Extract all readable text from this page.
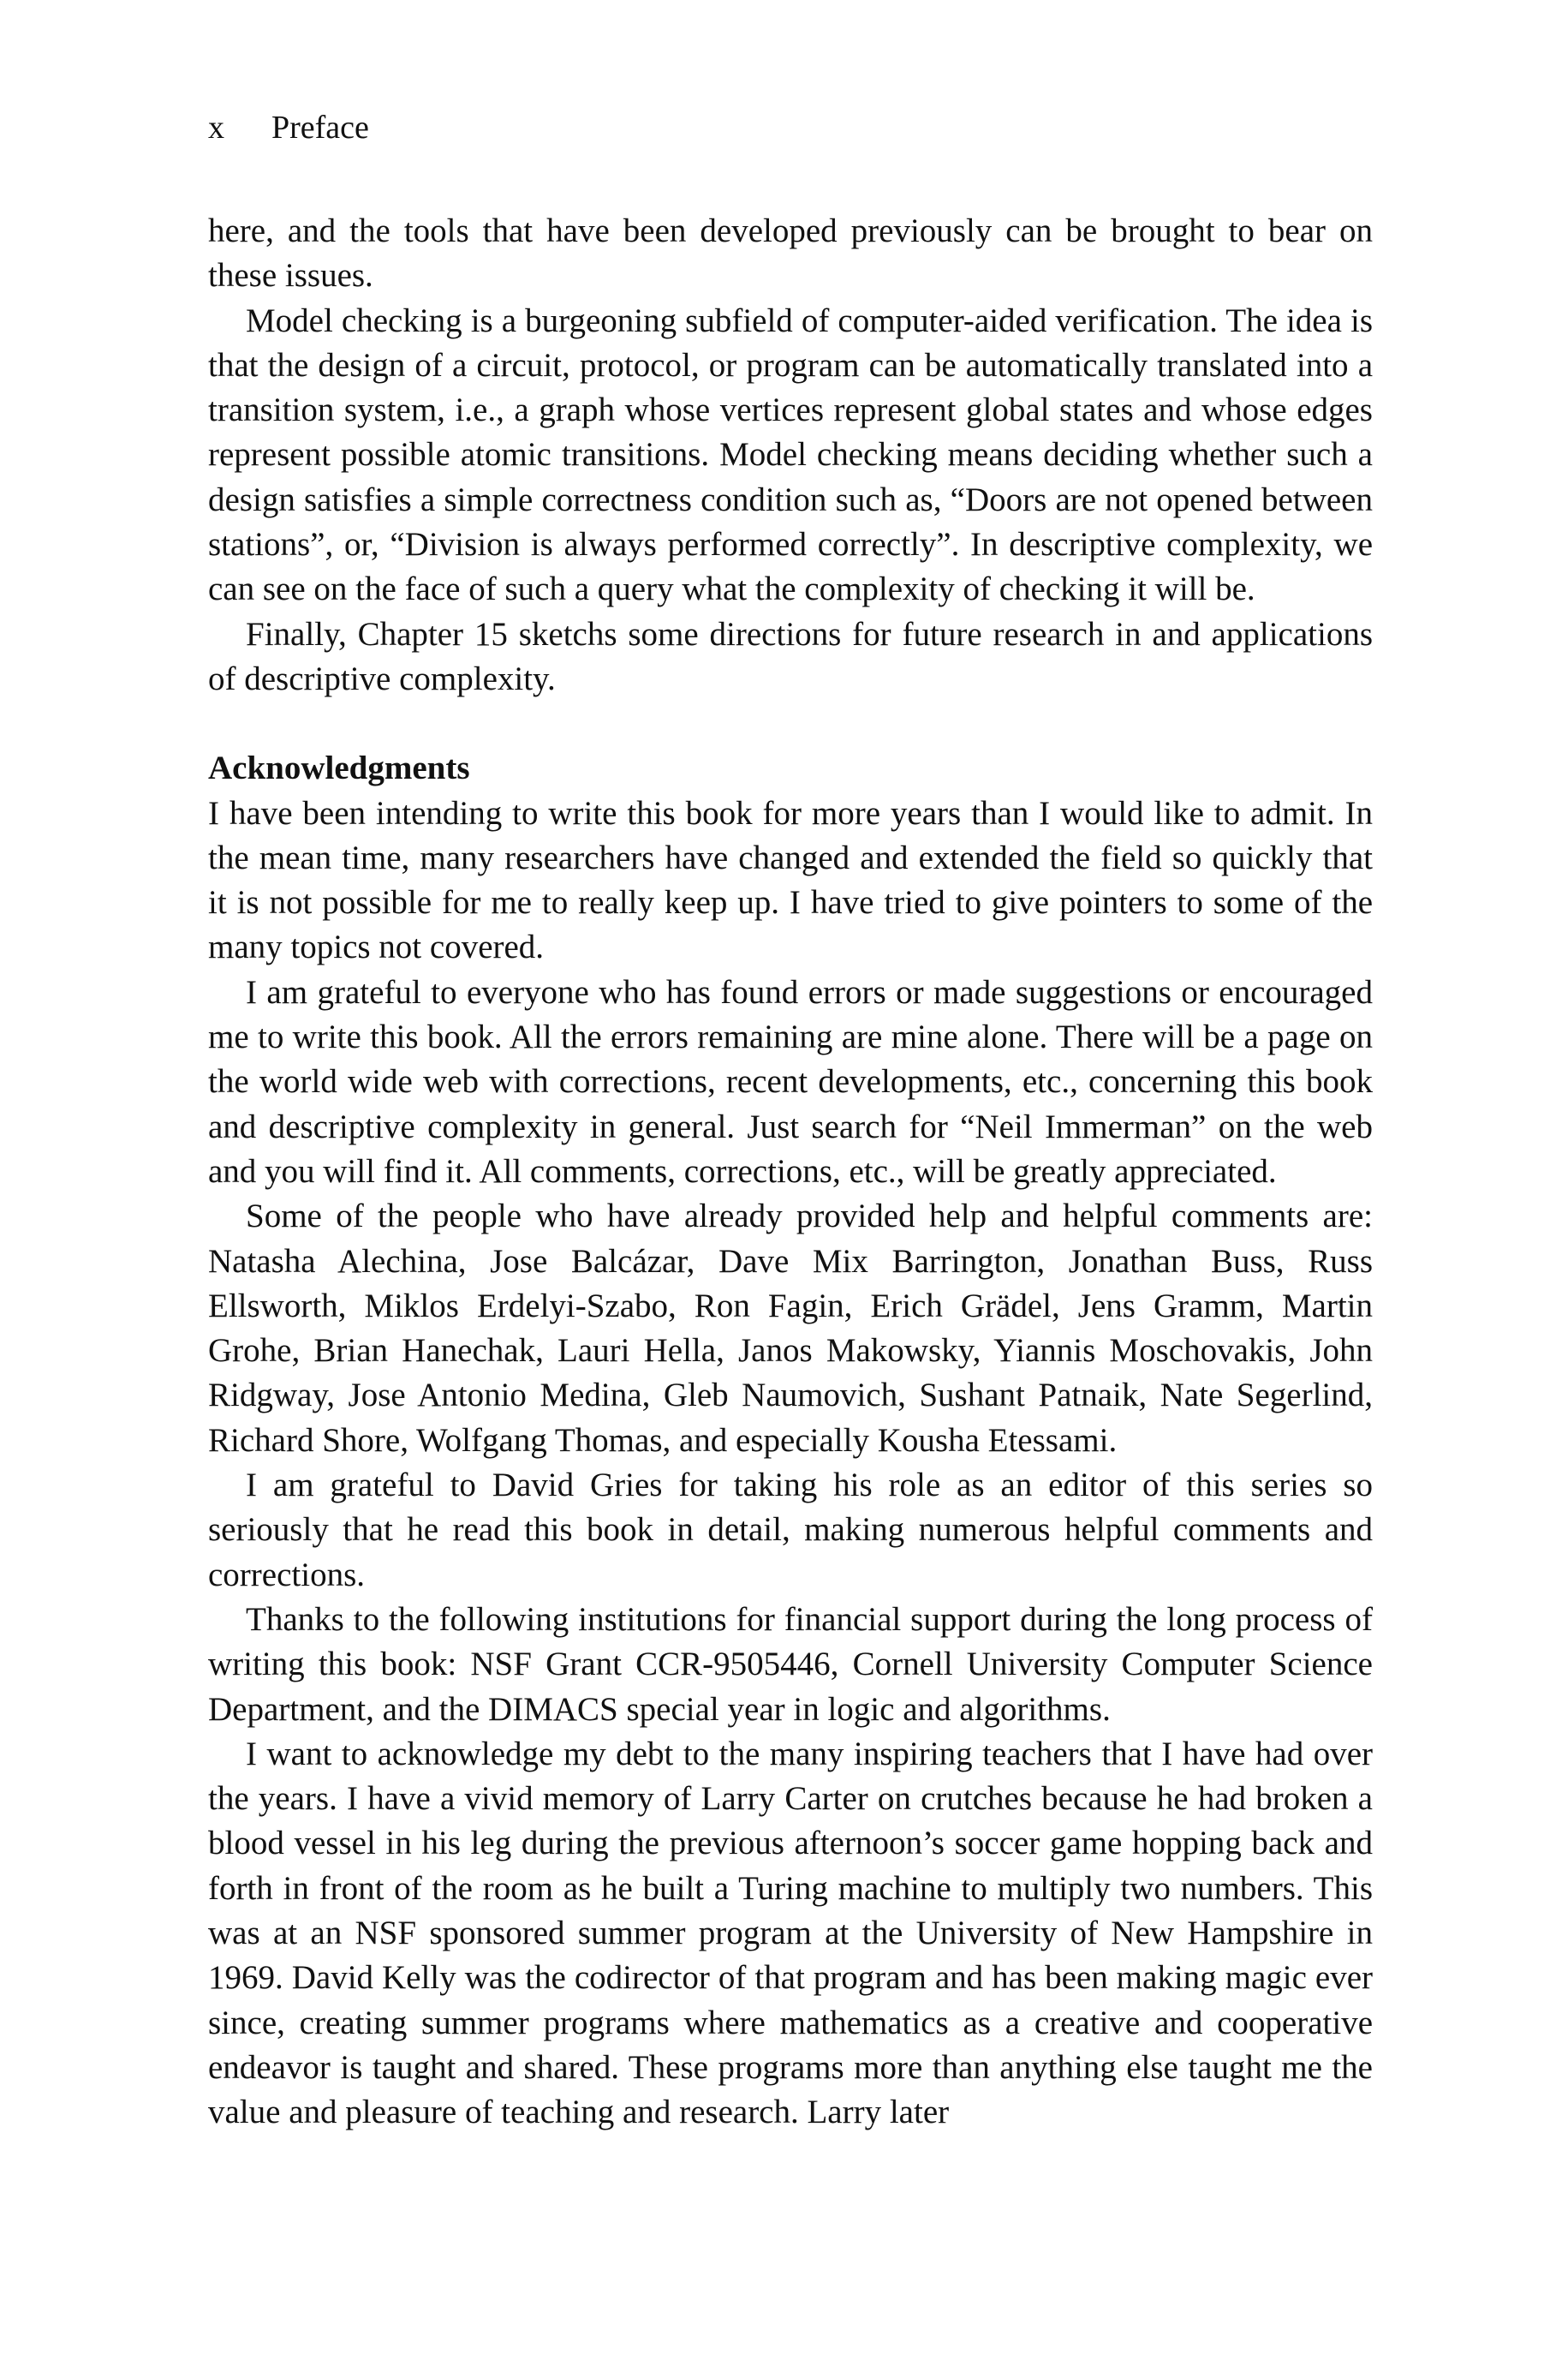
x Preface

here, and the tools that have been developed previously can be brought to bear on these issues.

Model checking is a burgeoning subfield of computer-aided verification. The idea is that the design of a circuit, protocol, or program can be automatically translated into a transition system, i.e., a graph whose vertices represent global states and whose edges represent possible atomic transitions. Model checking means deciding whether such a design satisfies a simple correctness condition such as, “Doors are not opened between stations”, or, “Division is always performed correctly”. In descriptive complexity, we can see on the face of such a query what the complexity of checking it will be.

Finally, Chapter 15 sketchs some directions for future research in and applications of descriptive complexity.

Acknowledgments

I have been intending to write this book for more years than I would like to admit. In the mean time, many researchers have changed and extended the field so quickly that it is not possible for me to really keep up. I have tried to give pointers to some of the many topics not covered.

I am grateful to everyone who has found errors or made suggestions or encouraged me to write this book. All the errors remaining are mine alone. There will be a page on the world wide web with corrections, recent developments, etc., concerning this book and descriptive complexity in general. Just search for “Neil Immerman” on the web and you will find it. All comments, corrections, etc., will be greatly appreciated.

Some of the people who have already provided help and helpful comments are: Natasha Alechina, Jose Balcázar, Dave Mix Barrington, Jonathan Buss, Russ Ellsworth, Miklos Erdelyi-Szabo, Ron Fagin, Erich Grädel, Jens Gramm, Martin Grohe, Brian Hanechak, Lauri Hella, Janos Makowsky, Yiannis Moschovakis, John Ridgway, Jose Antonio Medina, Gleb Naumovich, Sushant Patnaik, Nate Segerlind, Richard Shore, Wolfgang Thomas, and especially Kousha Etessami.

I am grateful to David Gries for taking his role as an editor of this series so seriously that he read this book in detail, making numerous helpful comments and corrections.

Thanks to the following institutions for financial support during the long process of writing this book: NSF Grant CCR-9505446, Cornell University Computer Science Department, and the DIMACS special year in logic and algorithms.

I want to acknowledge my debt to the many inspiring teachers that I have had over the years. I have a vivid memory of Larry Carter on crutches because he had broken a blood vessel in his leg during the previous afternoon’s soccer game hopping back and forth in front of the room as he built a Turing machine to multiply two numbers. This was at an NSF sponsored summer program at the University of New Hampshire in 1969. David Kelly was the codirector of that program and has been making magic ever since, creating summer programs where mathematics as a creative and cooperative endeavor is taught and shared. These programs more than anything else taught me the value and pleasure of teaching and research. Larry later
